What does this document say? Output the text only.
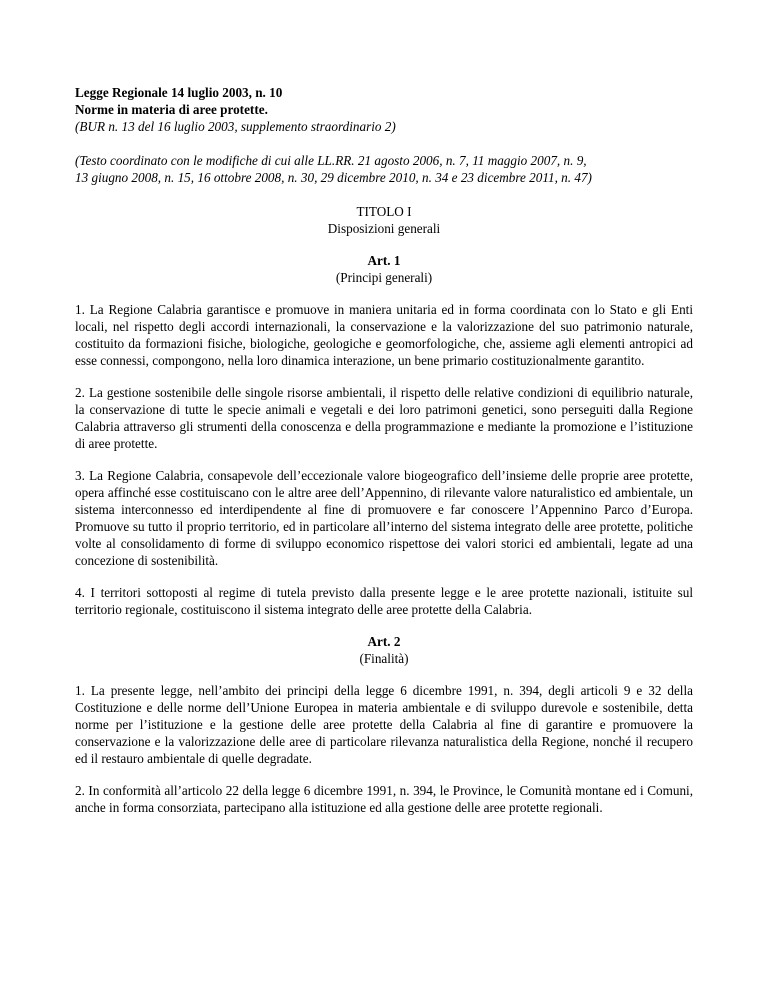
Legge Regionale 14 luglio 2003, n. 10

Norme in materia di aree protette.

(BUR n. 13 del 16 luglio 2003, supplemento straordinario 2)

(Testo coordinato con le modifiche di cui alle LL.RR. 21 agosto 2006, n. 7, 11 maggio 2007, n. 9,
13 giugno 2008, n. 15, 16 ottobre 2008, n. 30, 29 dicembre 2010, n. 34 e 23 dicembre 2011, n. 47)

TITOLO I

Disposizioni generali

Art. 1

(Principi generali)

1. La Regione Calabria garantisce e promuove in maniera unitaria ed in forma coordinata con lo Stato e gli Enti locali, nel rispetto degli accordi internazionali, la conservazione e la valorizzazione del suo patrimonio naturale, costituito da formazioni fisiche, biologiche, geologiche e geomorfologiche, che, assieme agli elementi antropici ad esse connessi, compongono, nella loro dinamica interazione, un bene primario costituzionalmente garantito.

2. La gestione sostenibile delle singole risorse ambientali, il rispetto delle relative condizioni di equilibrio naturale, la conservazione di tutte le specie animali e vegetali e dei loro patrimoni genetici, sono perseguiti dalla Regione Calabria attraverso gli strumenti della conoscenza e della programmazione e mediante la promozione e l’istituzione di aree protette.

3. La Regione Calabria, consapevole dell’eccezionale valore biogeografico dell’insieme delle proprie aree protette, opera affinché esse costituiscano con le altre aree dell’Appennino, di rilevante valore naturalistico ed ambientale, un sistema interconnesso ed interdipendente al fine di promuovere e far conoscere l’Appennino Parco d’Europa. Promuove su tutto il proprio territorio, ed in particolare all’interno del sistema integrato delle aree protette, politiche volte al consolidamento di forme di sviluppo economico rispettose dei valori storici ed ambientali, legate ad una concezione di sostenibilità.

4. I territori sottoposti al regime di tutela previsto dalla presente legge e le aree protette nazionali, istituite sul territorio regionale, costituiscono il sistema integrato delle aree protette della Calabria.

Art. 2

(Finalità)

1. La presente legge, nell’ambito dei principi della legge 6 dicembre 1991, n. 394, degli articoli 9 e 32 della Costituzione e delle norme dell’Unione Europea in materia ambientale e di sviluppo durevole e sostenibile, detta norme per l’istituzione e la gestione delle aree protette della Calabria al fine di garantire e promuovere la conservazione e la valorizzazione delle aree di particolare rilevanza naturalistica della Regione, nonché il recupero ed il restauro ambientale di quelle degradate.

2. In conformità all’articolo 22 della legge 6 dicembre 1991, n. 394, le Province, le Comunità montane ed i Comuni, anche in forma consorziata, partecipano alla istituzione ed alla gestione delle aree protette regionali.
